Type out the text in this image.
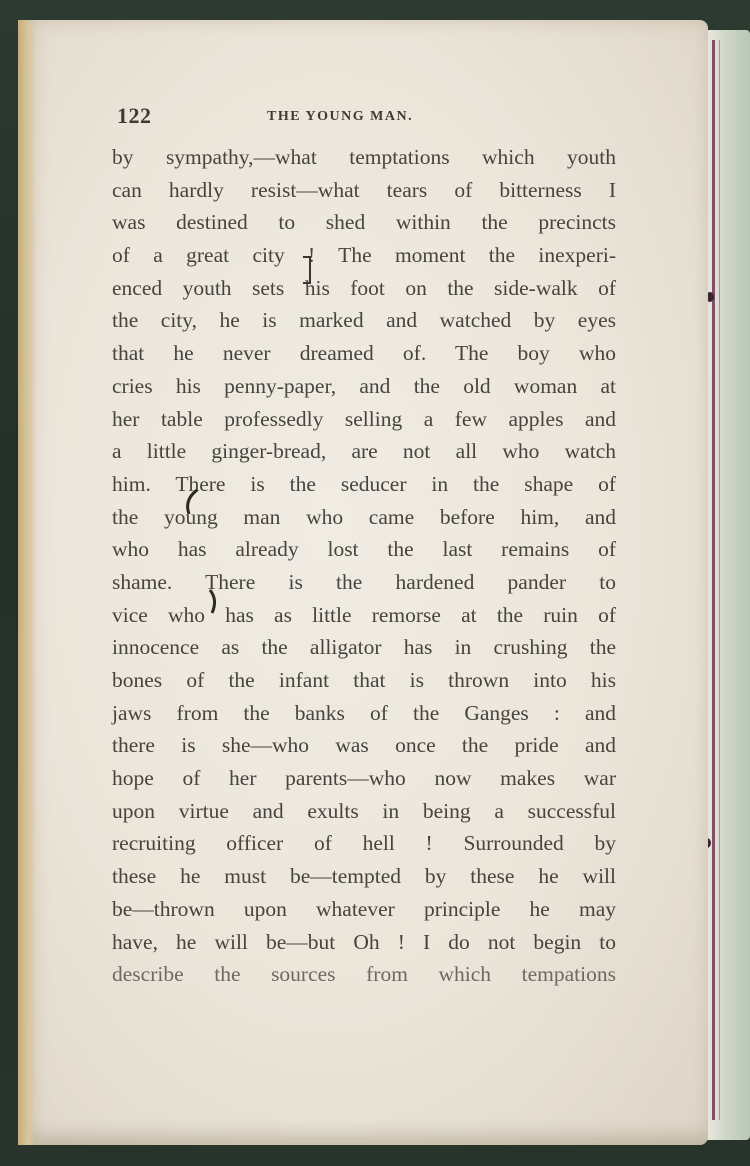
122	THE YOUNG MAN.
by sympathy,—what temptations which youth
can hardly resist—what tears of bitterness I
was destined to shed within the precincts
of a great city ! The moment the inexperi-
enced youth sets his foot on the side-walk of
the city, he is marked and watched by eyes
that he never dreamed of. The boy who
cries his penny-paper, and the old woman at
her table professedly selling a few apples and
a little ginger-bread, are not all who watch
him. There is the seducer in the shape of
the young man who came before him, and
who has already lost the last remains of
shame. There is the hardened pander to
vice who has as little remorse at the ruin of
innocence as the alligator has in crushing the
bones of the infant that is thrown into his
jaws from the banks of the Ganges : and
there is she—who was once the pride and
hope of her parents—who now makes war
upon virtue and exults in being a successful
recruiting officer of hell ! Surrounded by
these he must be—tempted by these he will
be—thrown upon whatever principle he may
have, he will be—but Oh ! I do not begin to
describe the sources from which tempations
